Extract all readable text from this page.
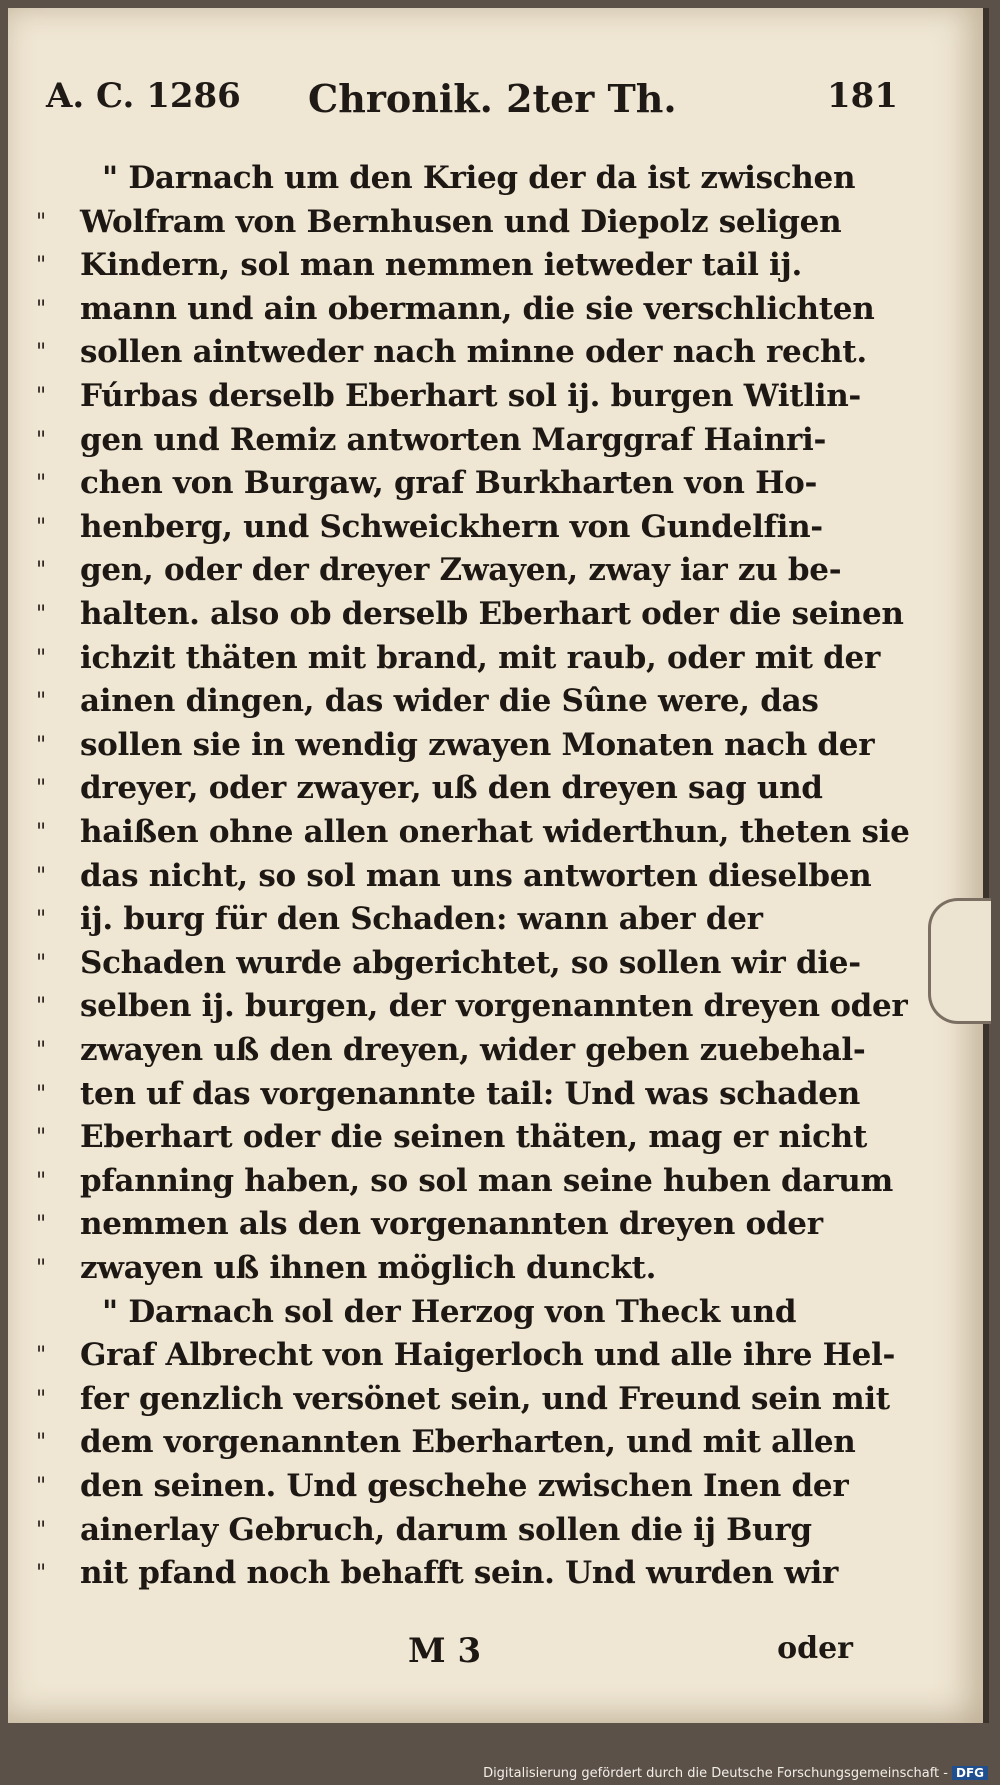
A. C. 1286 Chronik. 2ter Th.	181
"
"
"
"
"
"
"
"
"
"
"
"
"
"
"
"
"
"
"
"
"
"
"
"
"
"
"
"
"
"
"
" Darnach um den Krieg der da ist zwischen
Wolfram von Bernhusen und Diepolz seligen
Kindern, sol man nemmen ietweder tail ij.
mann und ain obermann, die sie verschlichten
sollen aintweder nach minne oder nach recht.
Fúrbas derselb Eberhart sol ij. burgen Witlin-
gen und Remiz antworten Marggraf Hainri-
chen von Burgaw, graf Burkharten von Ho-
henberg, und Schweickhern von Gundelfin-
gen, oder der dreyer Zwayen, zway iar zu be-
halten. also ob derselb Eberhart oder die seinen
ichzit thäten mit brand, mit raub, oder mit der
ainen dingen, das wider die Sûne were, das
sollen sie in wendig zwayen Monaten nach der
dreyer, oder zwayer, uß den dreyen sag und
haißen ohne allen onerhat widerthun, theten sie
das nicht, so sol man uns antworten dieselben
ij. burg für den Schaden: wann aber der
Schaden wurde abgerichtet, so sollen wir die-
selben ij. burgen, der vorgenannten dreyen oder
zwayen uß den dreyen, wider geben zuebehal-
ten uf das vorgenannte tail: Und was schaden
Eberhart oder die seinen thäten, mag er nicht
pfanning haben, so sol man seine huben darum
nemmen als den vorgenannten dreyen oder
zwayen uß ihnen möglich dunckt.
" Darnach sol der Herzog von Theck und
Graf Albrecht von Haigerloch und alle ihre Hel-
fer genzlich versönet sein, und Freund sein mit
dem vorgenannten Eberharten, und mit allen
den seinen. Und geschehe zwischen Inen der
ainerlay Gebruch, darum sollen die ij Burg
nit pfand noch behafft sein. Und wurden wir
M 3	oder
Digitalisierung gefördert durch die Deutsche Forschungsgemeinschaft - DFG
